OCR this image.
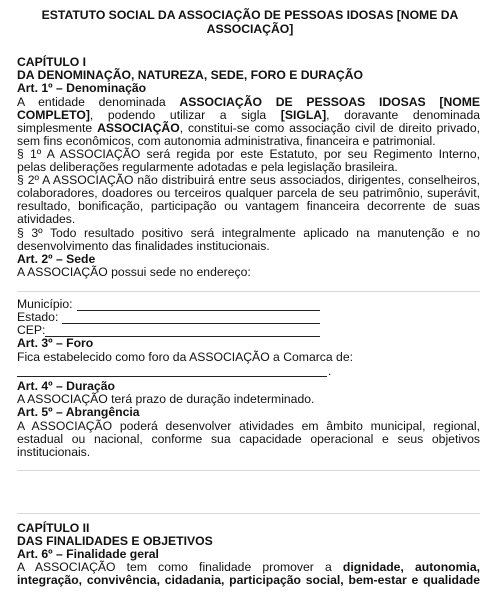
ESTATUTO SOCIAL DA ASSOCIAÇÃO DE PESSOAS IDOSAS [NOME DA
ASSOCIAÇÃO]
CAPÍTULO I
DA DENOMINAÇÃO, NATUREZA, SEDE, FORO E DURAÇÃO
Art. 1º – Denominação
A entidade denominada ASSOCIAÇÃO DE PESSOAS IDOSAS [NOME
COMPLETO], podendo utilizar a sigla [SIGLA], doravante denominada
simplesmente ASSOCIAÇÃO, constitui-se como associação civil de direito privado,
sem fins econômicos, com autonomia administrativa, financeira e patrimonial.
§ 1º A ASSOCIAÇÃO será regida por este Estatuto, por seu Regimento Interno,
pelas deliberações regularmente adotadas e pela legislação brasileira.
§ 2º A ASSOCIAÇÃO não distribuirá entre seus associados, dirigentes, conselheiros,
colaboradores, doadores ou terceiros qualquer parcela de seu patrimônio, superávit,
resultado, bonificação, participação ou vantagem financeira decorrente de suas
atividades.
§ 3º Todo resultado positivo será integralmente aplicado na manutenção e no
desenvolvimento das finalidades institucionais.
Art. 2º – Sede
A ASSOCIAÇÃO possui sede no endereço:
Município:
Estado:
CEP:
Art. 3º – Foro
Fica estabelecido como foro da ASSOCIAÇÃO a Comarca de:
.
Art. 4º – Duração
A ASSOCIAÇÃO terá prazo de duração indeterminado.
Art. 5º – Abrangência
A ASSOCIAÇÃO poderá desenvolver atividades em âmbito municipal, regional,
estadual ou nacional, conforme sua capacidade operacional e seus objetivos
institucionais.
CAPÍTULO II
DAS FINALIDADES E OBJETIVOS
Art. 6º – Finalidade geral
A ASSOCIAÇÃO tem como finalidade promover a dignidade, autonomia,
integração, convivência, cidadania, participação social, bem-estar e qualidade
